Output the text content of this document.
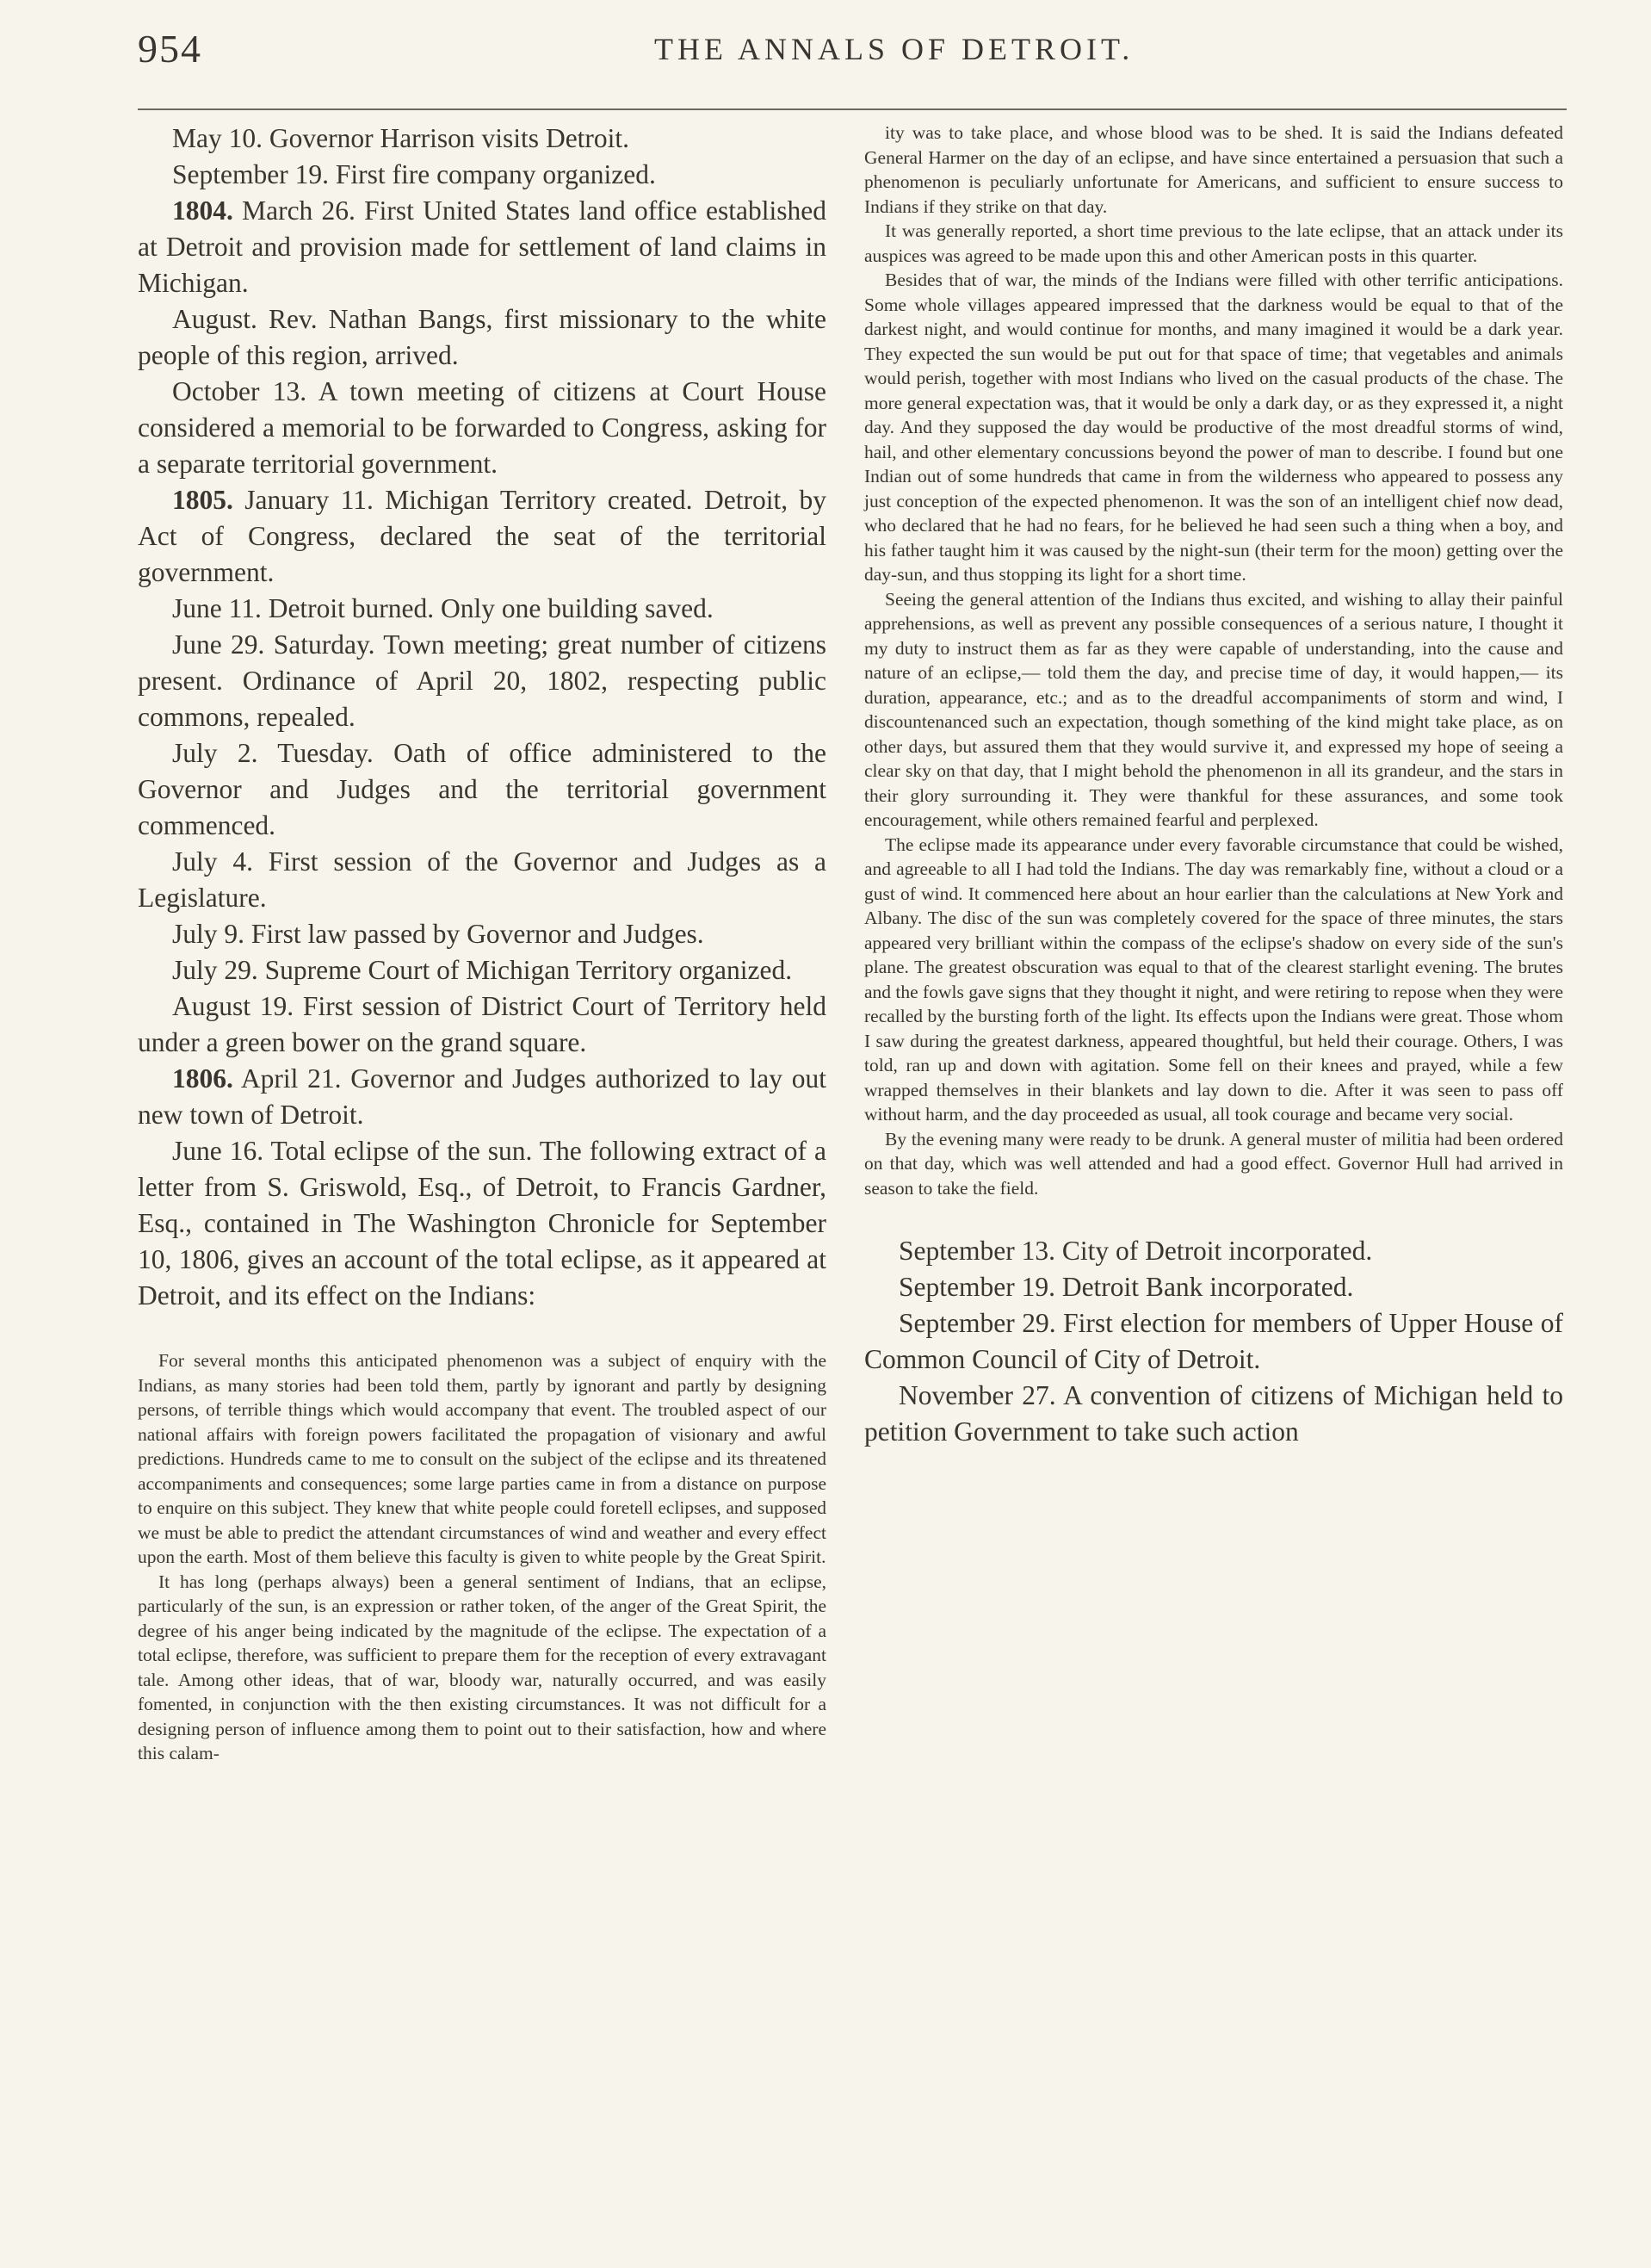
954	THE ANNALS OF DETROIT.

May 10. Governor Harrison visits Detroit.

September 19. First fire company organized.

1804. March 26. First United States land office established at Detroit and provision made for settlement of land claims in Michigan.

August. Rev. Nathan Bangs, first missionary to the white people of this region, arrived.

October 13. A town meeting of citizens at Court House considered a memorial to be forwarded to Congress, asking for a separate territorial government.

1805. January 11. Michigan Territory created. Detroit, by Act of Congress, declared the seat of the territorial government.

June 11. Detroit burned. Only one building saved.

June 29. Saturday. Town meeting; great number of citizens present. Ordinance of April 20, 1802, respecting public commons, repealed.

July 2. Tuesday. Oath of office administered to the Governor and Judges and the territorial government commenced.

July 4. First session of the Governor and Judges as a Legislature.

July 9. First law passed by Governor and Judges.

July 29. Supreme Court of Michigan Territory organized.

August 19. First session of District Court of Territory held under a green bower on the grand square.

1806. April 21. Governor and Judges authorized to lay out new town of Detroit.

June 16. Total eclipse of the sun. The following extract of a letter from S. Griswold, Esq., of Detroit, to Francis Gardner, Esq., contained in The Washington Chronicle for September 10, 1806, gives an account of the total eclipse, as it appeared at Detroit, and its effect on the Indians:

For several months this anticipated phenomenon was a subject of enquiry with the Indians, as many stories had been told them, partly by ignorant and partly by designing persons, of terrible things which would accompany that event. The troubled aspect of our national affairs with foreign powers facilitated the propagation of visionary and awful predictions. Hundreds came to me to consult on the subject of the eclipse and its threatened accompaniments and consequences; some large parties came in from a distance on purpose to enquire on this subject. They knew that white people could foretell eclipses, and supposed we must be able to predict the attendant circumstances of wind and weather and every effect upon the earth. Most of them believe this faculty is given to white people by the Great Spirit.

It has long (perhaps always) been a general sentiment of Indians, that an eclipse, particularly of the sun, is an expression or rather token, of the anger of the Great Spirit, the degree of his anger being indicated by the magnitude of the eclipse. The expectation of a total eclipse, therefore, was sufficient to prepare them for the reception of every extravagant tale. Among other ideas, that of war, bloody war, naturally occurred, and was easily fomented, in conjunction with the then existing circumstances. It was not difficult for a designing person of influence among them to point out to their satisfaction, how and where this calam-

ity was to take place, and whose blood was to be shed. It is said the Indians defeated General Harmer on the day of an eclipse, and have since entertained a persuasion that such a phenomenon is peculiarly unfortunate for Americans, and sufficient to ensure success to Indians if they strike on that day.

It was generally reported, a short time previous to the late eclipse, that an attack under its auspices was agreed to be made upon this and other American posts in this quarter.

Besides that of war, the minds of the Indians were filled with other terrific anticipations. Some whole villages appeared impressed that the darkness would be equal to that of the darkest night, and would continue for months, and many imagined it would be a dark year. They expected the sun would be put out for that space of time; that vegetables and animals would perish, together with most Indians who lived on the casual products of the chase. The more general expectation was, that it would be only a dark day, or as they expressed it, a night day. And they supposed the day would be productive of the most dreadful storms of wind, hail, and other elementary concussions beyond the power of man to describe. I found but one Indian out of some hundreds that came in from the wilderness who appeared to possess any just conception of the expected phenomenon. It was the son of an intelligent chief now dead, who declared that he had no fears, for he believed he had seen such a thing when a boy, and his father taught him it was caused by the night-sun (their term for the moon) getting over the day-sun, and thus stopping its light for a short time.

Seeing the general attention of the Indians thus excited, and wishing to allay their painful apprehensions, as well as prevent any possible consequences of a serious nature, I thought it my duty to instruct them as far as they were capable of understanding, into the cause and nature of an eclipse,— told them the day, and precise time of day, it would happen,— its duration, appearance, etc.; and as to the dreadful accompaniments of storm and wind, I discountenanced such an expectation, though something of the kind might take place, as on other days, but assured them that they would survive it, and expressed my hope of seeing a clear sky on that day, that I might behold the phenomenon in all its grandeur, and the stars in their glory surrounding it. They were thankful for these assurances, and some took encouragement, while others remained fearful and perplexed.

The eclipse made its appearance under every favorable circumstance that could be wished, and agreeable to all I had told the Indians. The day was remarkably fine, without a cloud or a gust of wind. It commenced here about an hour earlier than the calculations at New York and Albany. The disc of the sun was completely covered for the space of three minutes, the stars appeared very brilliant within the compass of the eclipse's shadow on every side of the sun's plane. The greatest obscuration was equal to that of the clearest starlight evening. The brutes and the fowls gave signs that they thought it night, and were retiring to repose when they were recalled by the bursting forth of the light. Its effects upon the Indians were great. Those whom I saw during the greatest darkness, appeared thoughtful, but held their courage. Others, I was told, ran up and down with agitation. Some fell on their knees and prayed, while a few wrapped themselves in their blankets and lay down to die. After it was seen to pass off without harm, and the day proceeded as usual, all took courage and became very social.

By the evening many were ready to be drunk. A general muster of militia had been ordered on that day, which was well attended and had a good effect. Governor Hull had arrived in season to take the field.

September 13. City of Detroit incorporated.

September 19. Detroit Bank incorporated.

September 29. First election for members of Upper House of Common Council of City of Detroit.

November 27. A convention of citizens of Michigan held to petition Government to take such action
